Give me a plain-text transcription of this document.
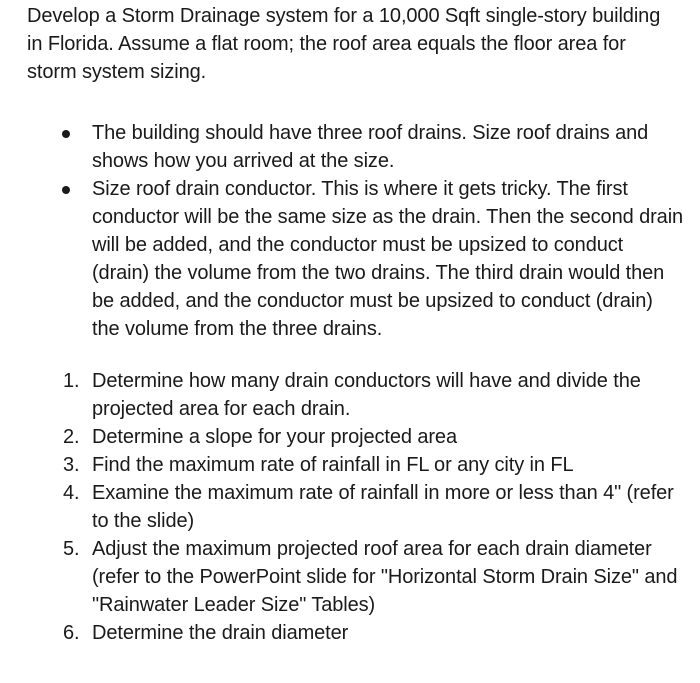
Develop a Storm Drainage system for a 10,000 Sqft single-story building in Florida. Assume a flat room; the roof area equals the floor area for storm system sizing.

The building should have three roof drains. Size roof drains and shows how you arrived at the size.
Size roof drain conductor. This is where it gets tricky. The first conductor will be the same size as the drain. Then the second drain will be added, and the conductor must be upsized to conduct (drain) the volume from the two drains. The third drain would then be added, and the conductor must be upsized to conduct (drain) the volume from the three drains.
1. Determine how many drain conductors will have and divide the projected area for each drain.
2. Determine a slope for your projected area
3. Find the maximum rate of rainfall in FL or any city in FL
4. Examine the maximum rate of rainfall in more or less than 4" (refer to the slide)
5. Adjust the maximum projected roof area for each drain diameter (refer to the PowerPoint slide for "Horizontal Storm Drain Size" and "Rainwater Leader Size" Tables)
6. Determine the drain diameter
